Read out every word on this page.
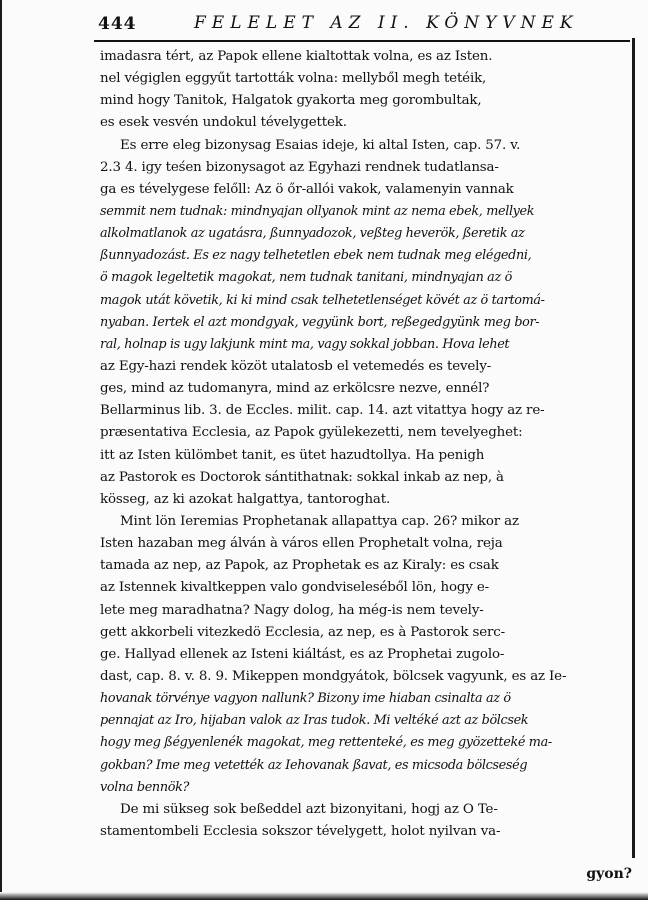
444	FELELET AZ II. KÖNYVNEK
imadasra tért, az Papok ellene kialtottak volna, es az Isten.
nel végiglen eggyűt tartották volna: mellyből megh tetéik,
mind hogy Tanitok, Halgatok gyakorta meg gorombultak,
es esek vesvén undokul tévelygettek.
Es erre eleg bizonysag Esaias ideje, ki altal Isten, cap. 57. v.
2.3 4. igy teśen bizonysagot az Egyhazi rendnek tudatlansa-
ga es tévelygese felőll: Az ö őr-allói vakok, valamenyin vannak
semmit nem tudnak: mindnyajan ollyanok mint az nema ebek, mellyek
alkolmatlanok az ugatásra, ßunnyadozok, veßteg heverök, ßeretik az
ßunnyadozást. Es ez nagy telhetetlen ebek nem tudnak meg elégedni,
ö magok legeltetik magokat, nem tudnak tanitani, mindnyajan az ö
magok utát követik, ki ki mind csak telhetetlenséget kövét az ö tartomá-
nyaban. Iertek el azt mondgyak, vegyünk bort, reßegedgyünk meg bor-
ral, holnap is ugy lakjunk mint ma, vagy sokkal jobban. Hova lehet
az Egy-hazi rendek közöt utalatosb el vetemedés es tevely-
ges, mind az tudomanyra, mind az erkölcsre nezve, ennél?
Bellarminus lib. 3. de Eccles. milit. cap. 14. azt vitattya hogy az re-
præsentativa Ecclesia, az Papok gyülekezetti, nem tevelyeghet:
itt az Isten külömbet tanit, es ütet hazudtollya. Ha penigh
az Pastorok es Doctorok sántithatnak: sokkal inkab az nep, à
kösseg, az ki azokat halgattya, tantoroghat.
Mint lön Ieremias Prophetanak allapattya cap. 26? mikor az
Isten hazaban meg álván à város ellen Prophetalt volna, reja
tamada az nep, az Papok, az Prophetak es az Kiraly: es csak
az Istennek kivaltkeppen valo gondviseleséből lön, hogy e-
lete meg maradhatna? Nagy dolog, ha még-is nem tevely-
gett akkorbeli vitezkedö Ecclesia, az nep, es à Pastorok serc-
ge. Hallyad ellenek az Isteni kiáltást, es az Prophetai zugolo-
dast, cap. 8. v. 8. 9. Mikeppen mondgyátok, bölcsek vagyunk, es az Ie-
hovanak törvénye vagyon nallunk? Bizony ime hiaban csinalta az ö
pennajat az Iro, hijaban valok az Iras tudok. Mi veltéké azt az bölcsek
hogy meg ßégyenlenék magokat, meg rettenteké, es meg gyözetteké ma-
gokban? Ime meg vetették az Iehovanak ßavat, es micsoda bölcseség
volna bennök?
De mi sükseg sok beßeddel azt bizonyitani, hogj az O Te-
stamentombeli Ecclesia sokszor tévelygett, holot nyilvan va-
gyon?
